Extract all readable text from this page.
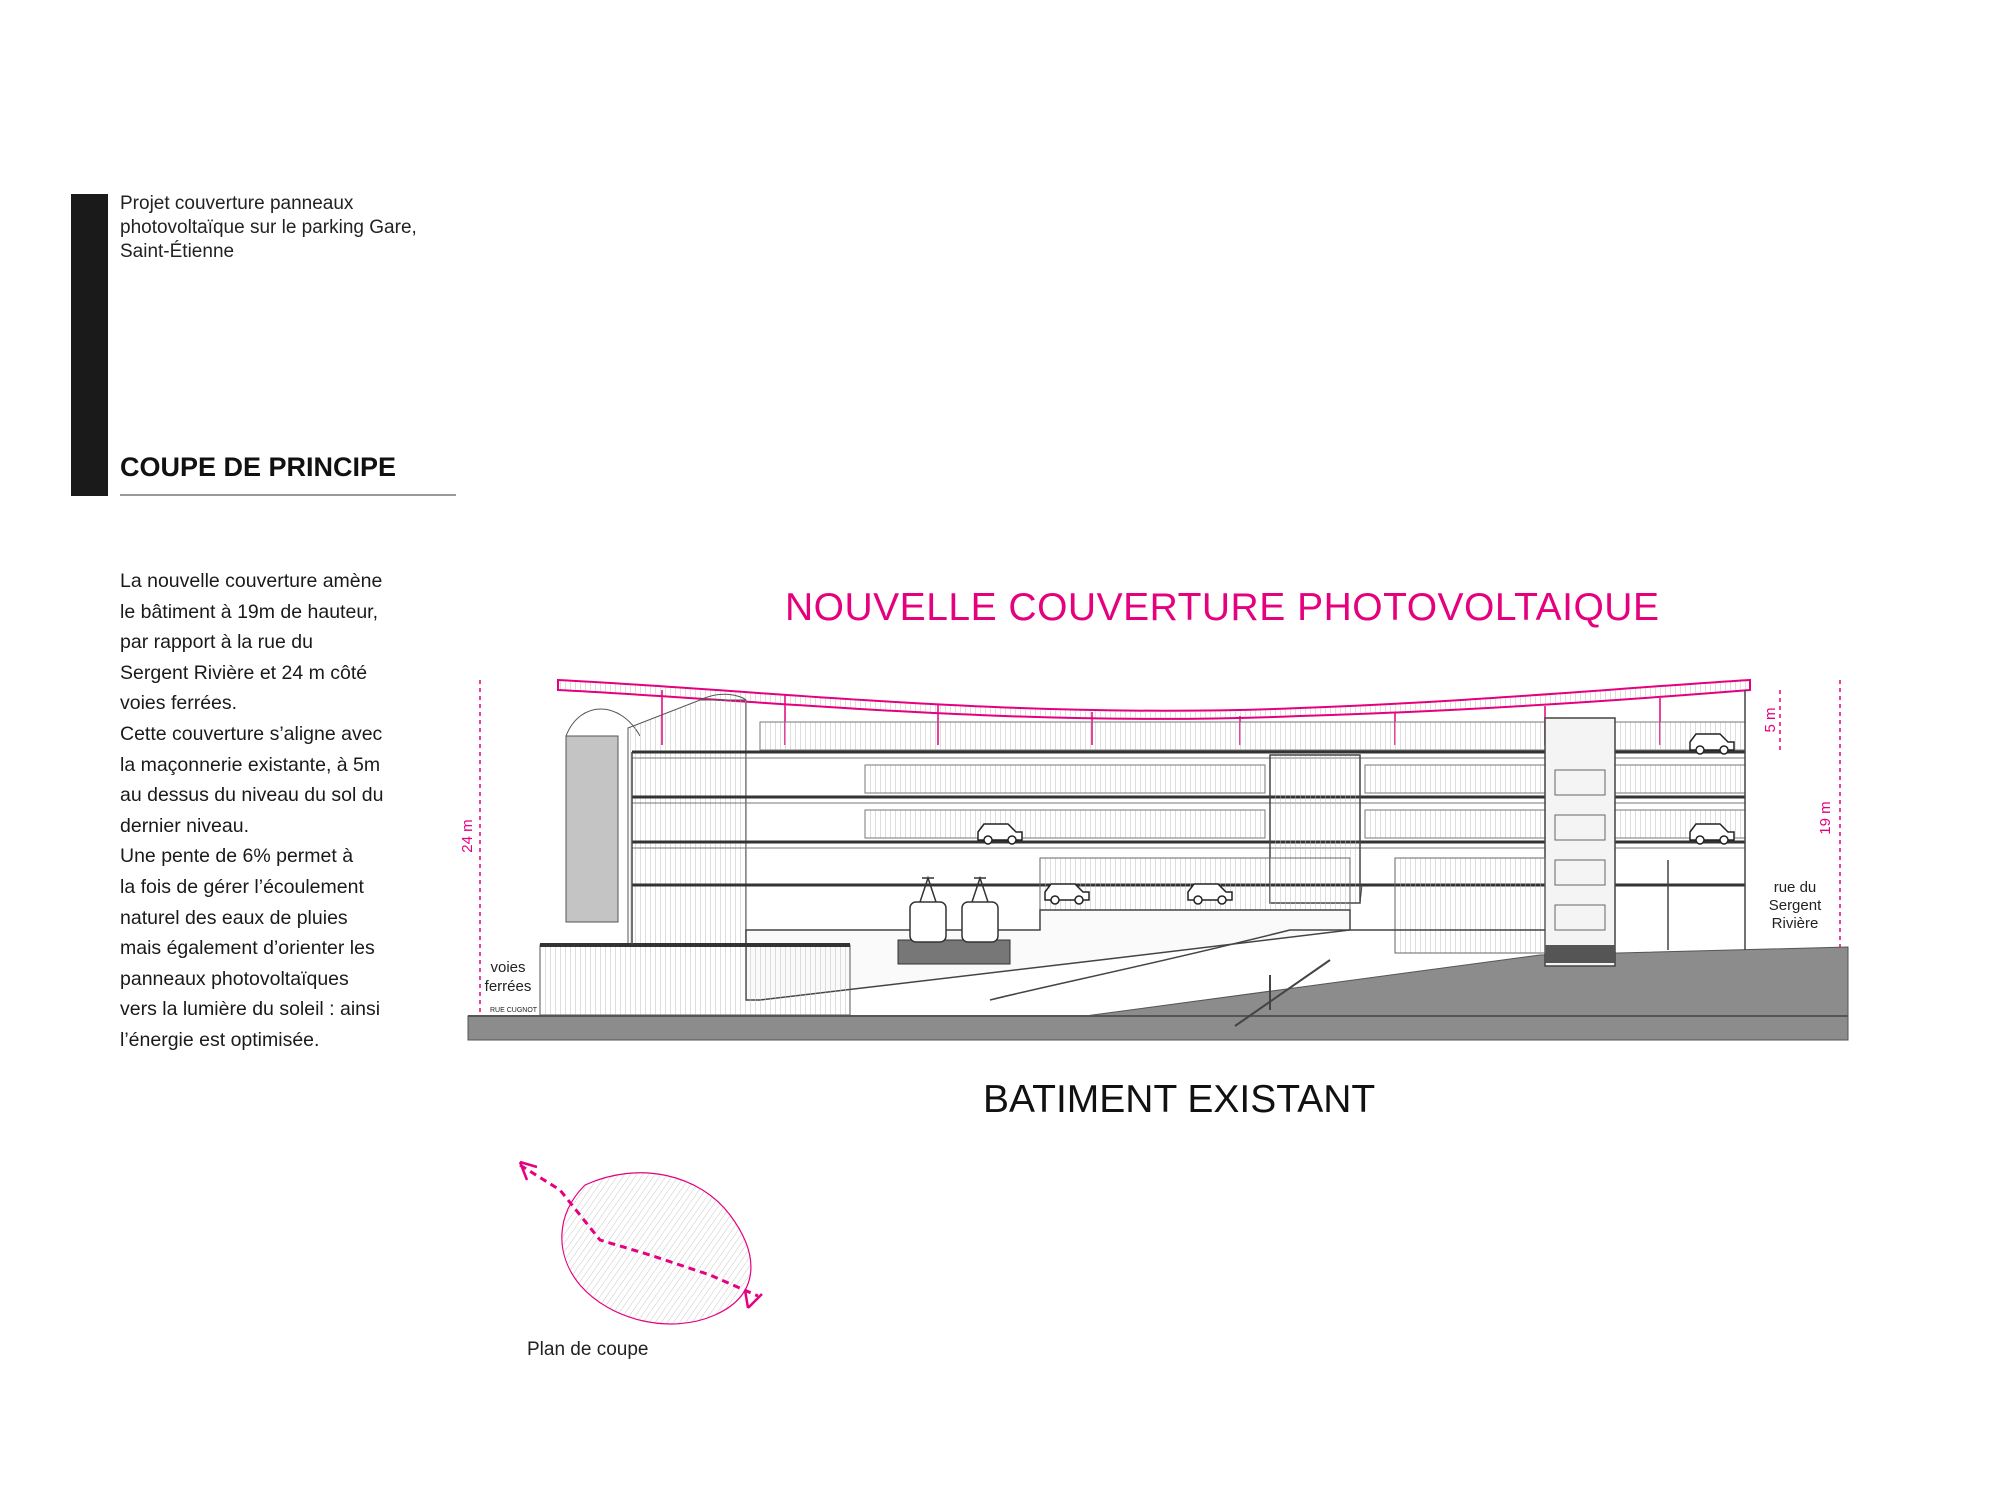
FAISABILITÉ
Projet couverture panneaux
photovoltaïque sur le parking Gare,
Saint-Étienne
COUPE DE PRINCIPE

La nouvelle couverture amène

le bâtiment à 19m de hauteur,

par rapport à la rue du

Sergent Rivière et 24 m côté

voies ferrées.

Cette couverture s’aligne avec

la maçonnerie existante, à 5m

au dessus du niveau du sol du

dernier niveau.

Une pente de 6% permet à

la fois de gérer l’écoulement

naturel des eaux de pluies

mais également d’orienter les

panneaux photovoltaïques

vers la lumière du soleil : ainsi

l’énergie est optimisée.

NOUVELLE COUVERTURE PHOTOVOLTAIQUE
BATIMENT EXISTANT
24 m
5 m
19 m
voies
ferrées
RUE CUGNOT
rue du
Sergent
Rivière
Plan de coupe
